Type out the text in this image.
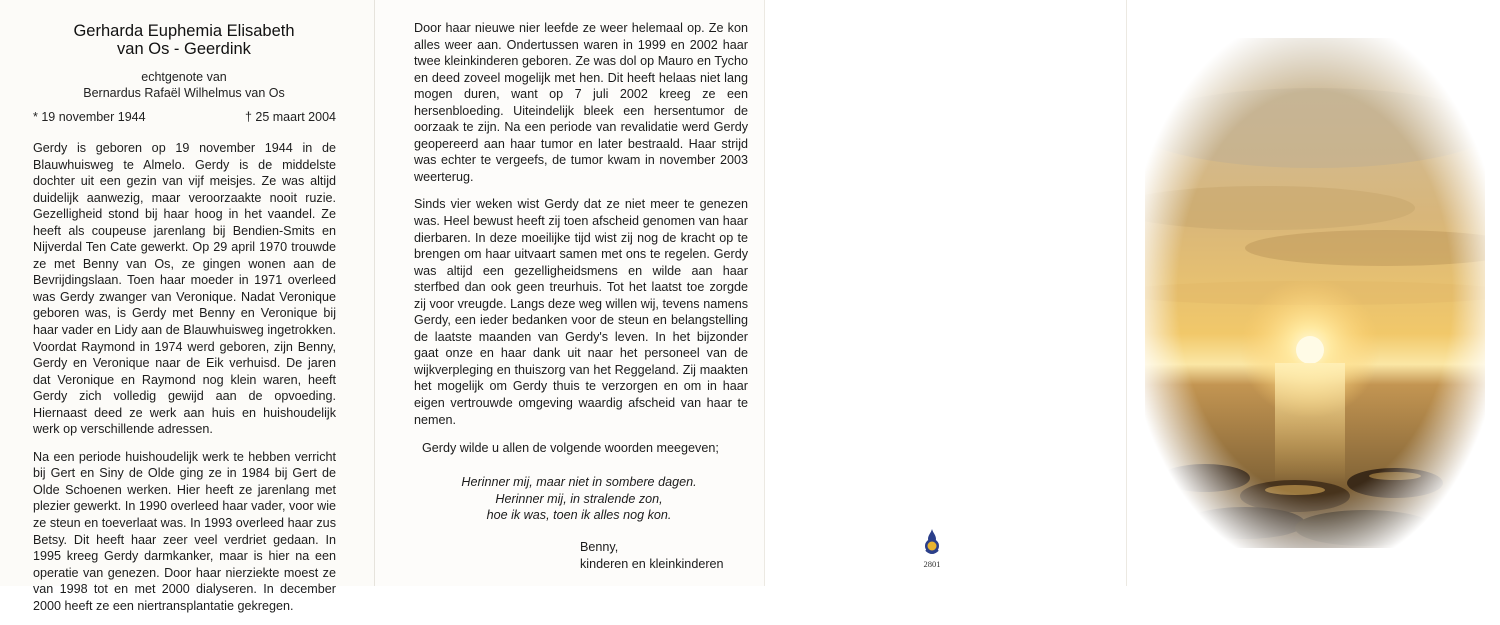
Gerharda Euphemia Elisabeth
van Os - Geerdink
echtgenote van
Bernardus Rafaël Wilhelmus van Os
* 19 november 1944	† 25 maart 2004

Gerdy is geboren op 19 november 1944 in de Blauwhuisweg te Almelo. Gerdy is de middelste dochter uit een gezin van vijf meisjes. Ze was altijd duidelijk aanwezig, maar veroorzaakte nooit ruzie. Gezelligheid stond bij haar hoog in het vaandel. Ze heeft als coupeuse jarenlang bij Bendien-Smits en Nijverdal Ten Cate gewerkt. Op 29 april 1970 trouwde ze met Benny van Os, ze gingen wonen aan de Bevrijdingslaan. Toen haar moeder in 1971 overleed was Gerdy zwanger van Veronique. Nadat Veronique geboren was, is Gerdy met Benny en Veronique bij haar vader en Lidy aan de Blauwhuisweg ingetrokken. Voordat Raymond in 1974 werd geboren, zijn Benny, Gerdy en Veronique naar de Eik verhuisd. De jaren dat Veronique en Raymond nog klein waren, heeft Gerdy zich volledig gewijd aan de opvoeding. Hiernaast deed ze werk aan huis en huishoudelijk werk op verschillende adressen.

Na een periode huishoudelijk werk te hebben verricht bij Gert en Siny de Olde ging ze in 1984 bij Gert de Olde Schoenen werken. Hier heeft ze jarenlang met plezier gewerkt. In 1990 overleed haar vader, voor wie ze steun en toeverlaat was. In 1993 overleed haar zus Betsy. Dit heeft haar zeer veel verdriet gedaan. In 1995 kreeg Gerdy darmkanker, maar is hier na een operatie van genezen. Door haar nierziekte moest ze van 1998 tot en met 2000 dialyseren. In december 2000 heeft ze een niertransplantatie gekregen.

Door haar nieuwe nier leefde ze weer helemaal op. Ze kon alles weer aan. Ondertussen waren in 1999 en 2002 haar twee kleinkinderen geboren. Ze was dol op Mauro en Tycho en deed zoveel mogelijk met hen. Dit heeft helaas niet lang mogen duren, want op 7 juli 2002 kreeg ze een hersenbloeding. Uiteindelijk bleek een hersentumor de oorzaak te zijn. Na een periode van revalidatie werd Gerdy geopereerd aan haar tumor en later bestraald. Haar strijd was echter te vergeefs, de tumor kwam in november 2003 weerterug.

Sinds vier weken wist Gerdy dat ze niet meer te genezen was. Heel bewust heeft zij toen afscheid genomen van haar dierbaren. In deze moeilijke tijd wist zij nog de kracht op te brengen om haar uitvaart samen met ons te regelen. Gerdy was altijd een gezelligheidsmens en wilde aan haar sterfbed dan ook geen treurhuis. Tot het laatst toe zorgde zij voor vreugde. Langs deze weg willen wij, tevens namens Gerdy, een ieder bedanken voor de steun en belangstelling de laatste maanden van Gerdy's leven. In het bijzonder gaat onze en haar dank uit naar het personeel van de wijkverpleging en thuiszorg van het Reggeland. Zij maakten het mogelijk om Gerdy thuis te verzorgen en om in haar eigen vertrouwde omgeving waardig afscheid van haar te nemen.

Gerdy wilde u allen de volgende woorden meegeven;
Herinner mij, maar niet in sombere dagen.
Herinner mij, in stralende zon,
hoe ik was, toen ik alles nog kon.
Benny,
kinderen en kleinkinderen	2801
